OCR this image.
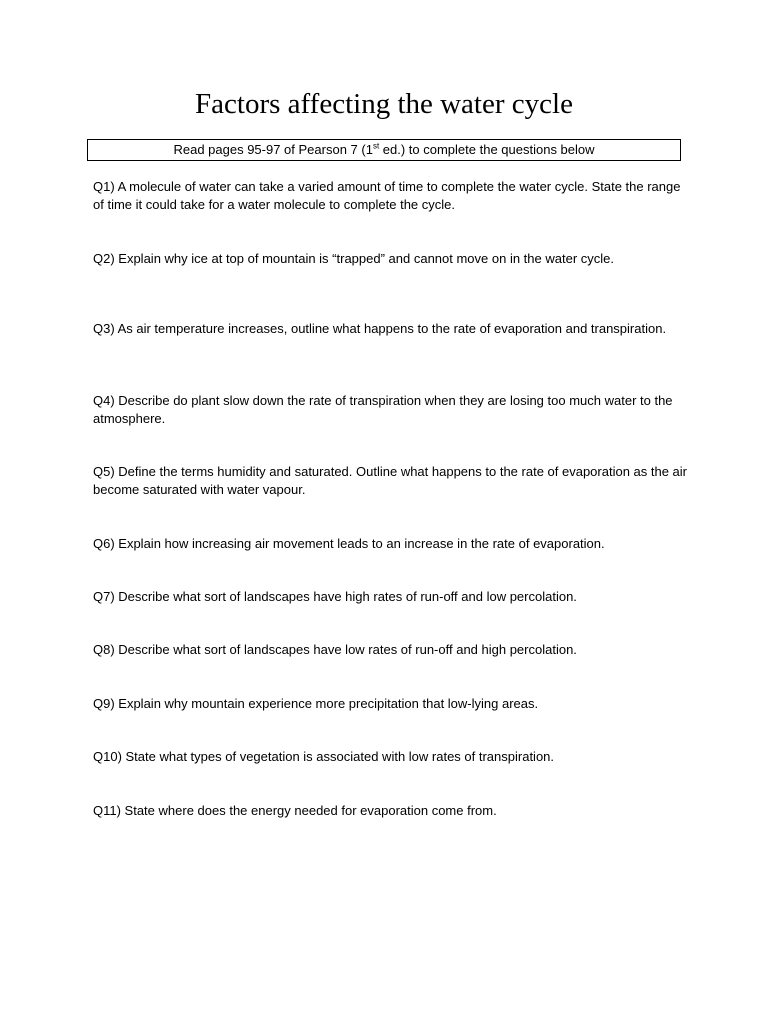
Factors affecting the water cycle
Read pages 95-97 of Pearson 7 (1st ed.) to complete the questions below

Q1) A molecule of water can take a varied amount of time to complete the water cycle. State the range of time it could take for a water molecule to complete the cycle.

Q2) Explain why ice at top of mountain is “trapped” and cannot move on in the water cycle.

Q3) As air temperature increases, outline what happens to the rate of evaporation and transpiration.

Q4) Describe do plant slow down the rate of transpiration when they are losing too much water to the atmosphere.

Q5) Define the terms humidity and saturated. Outline what happens to the rate of evaporation as the air become saturated with water vapour.

Q6) Explain how increasing air movement leads to an increase in the rate of evaporation.

Q7) Describe what sort of landscapes have high rates of run-off and low percolation.

Q8) Describe what sort of landscapes have low rates of run-off and high percolation.

Q9) Explain why mountain experience more precipitation that low-lying areas.

Q10) State what types of vegetation is associated with low rates of transpiration.

Q11) State where does the energy needed for evaporation come from.
